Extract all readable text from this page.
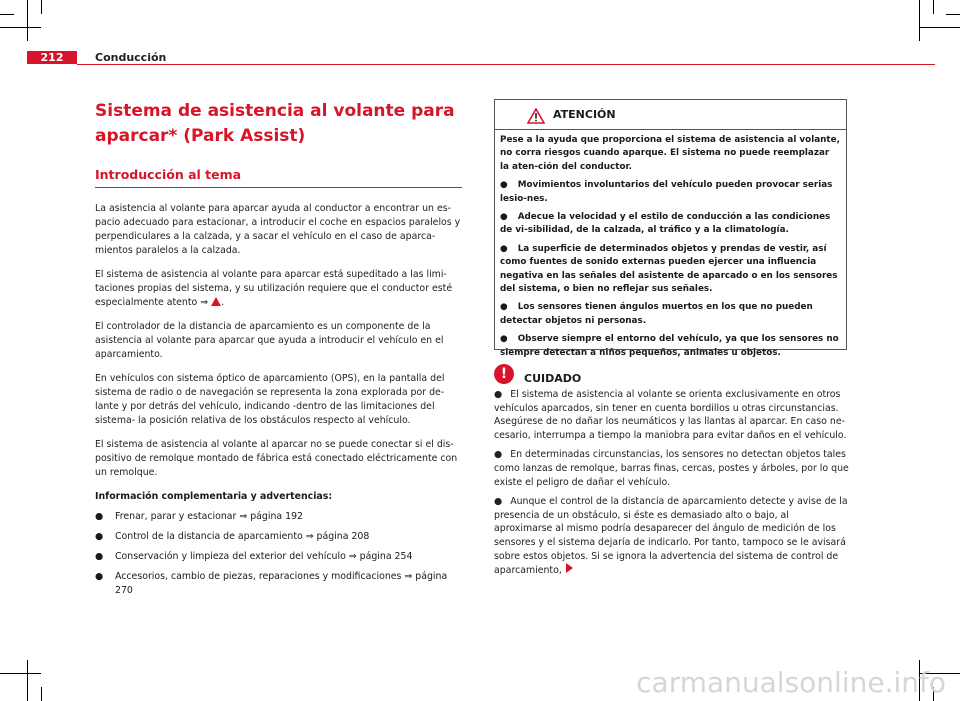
212	Conducción
Sistema de asistencia al volante para
aparcar* (Park Assist)
Introducción al tema

La asistencia al volante para aparcar ayuda al conductor a encontrar un es-pacio adecuado para estacionar, a introducir el coche en espacios paralelos y perpendiculares a la calzada, y a sacar el vehículo en el caso de aparca-mientos paralelos a la calzada.

El sistema de asistencia al volante para aparcar está supeditado a las limi-taciones propias del sistema, y su utilización requiere que el conductor esté especialmente atento ⇒ .

El controlador de la distancia de aparcamiento es un componente de la asistencia al volante para aparcar que ayuda a introducir el vehículo en el aparcamiento.

En vehículos con sistema óptico de aparcamiento (OPS), en la pantalla del sistema de radio o de navegación se representa la zona explorada por de-lante y por detrás del vehículo, indicando -dentro de las limitaciones del sistema- la posición relativa de los obstáculos respecto al vehículo.

El sistema de asistencia al volante al aparcar no se puede conectar si el dis-positivo de remolque montado de fábrica está conectado eléctricamente con un remolque.

Información complementaria y advertencias:

● Frenar, parar y estacionar ⇒ página 192
● Control de la distancia de aparcamiento ⇒ página 208
● Conservación y limpieza del exterior del vehículo ⇒ página 254
● Accesorios, cambio de piezas, reparaciones y modificaciones ⇒ página 270
ATENCIÓN

Pese a la ayuda que proporciona el sistema de asistencia al volante, no corra riesgos cuando aparque. El sistema no puede reemplazar la aten-ción del conductor.

● Movimientos involuntarios del vehículo pueden provocar serias lesio-nes.

● Adecue la velocidad y el estilo de conducción a las condiciones de vi-sibilidad, de la calzada, al tráfico y a la climatología.

● La superficie de determinados objetos y prendas de vestir, así como fuentes de sonido externas pueden ejercer una influencia negativa en las señales del asistente de aparcado o en los sensores del sistema, o bien no reflejar sus señales.

● Los sensores tienen ángulos muertos en los que no pueden detectar objetos ni personas.

● Observe siempre el entorno del vehículo, ya que los sensores no siempre detectan a niños pequeños, animales u objetos.

!	CUIDADO

● El sistema de asistencia al volante se orienta exclusivamente en otros vehículos aparcados, sin tener en cuenta bordillos u otras circunstancias. Asegúrese de no dañar los neumáticos y las llantas al aparcar. En caso ne-cesario, interrumpa a tiempo la maniobra para evitar daños en el vehículo.

● En determinadas circunstancias, los sensores no detectan objetos tales como lanzas de remolque, barras finas, cercas, postes y árboles, por lo que existe el peligro de dañar el vehículo.

● Aunque el control de la distancia de aparcamiento detecte y avise de la presencia de un obstáculo, si éste es demasiado alto o bajo, al aproximarse al mismo podría desaparecer del ángulo de medición de los sensores y el sistema dejaría de indicarlo. Por tanto, tampoco se le avisará sobre estos objetos. Si se ignora la advertencia del sistema de control de aparcamiento,

carmanualsonline.info
